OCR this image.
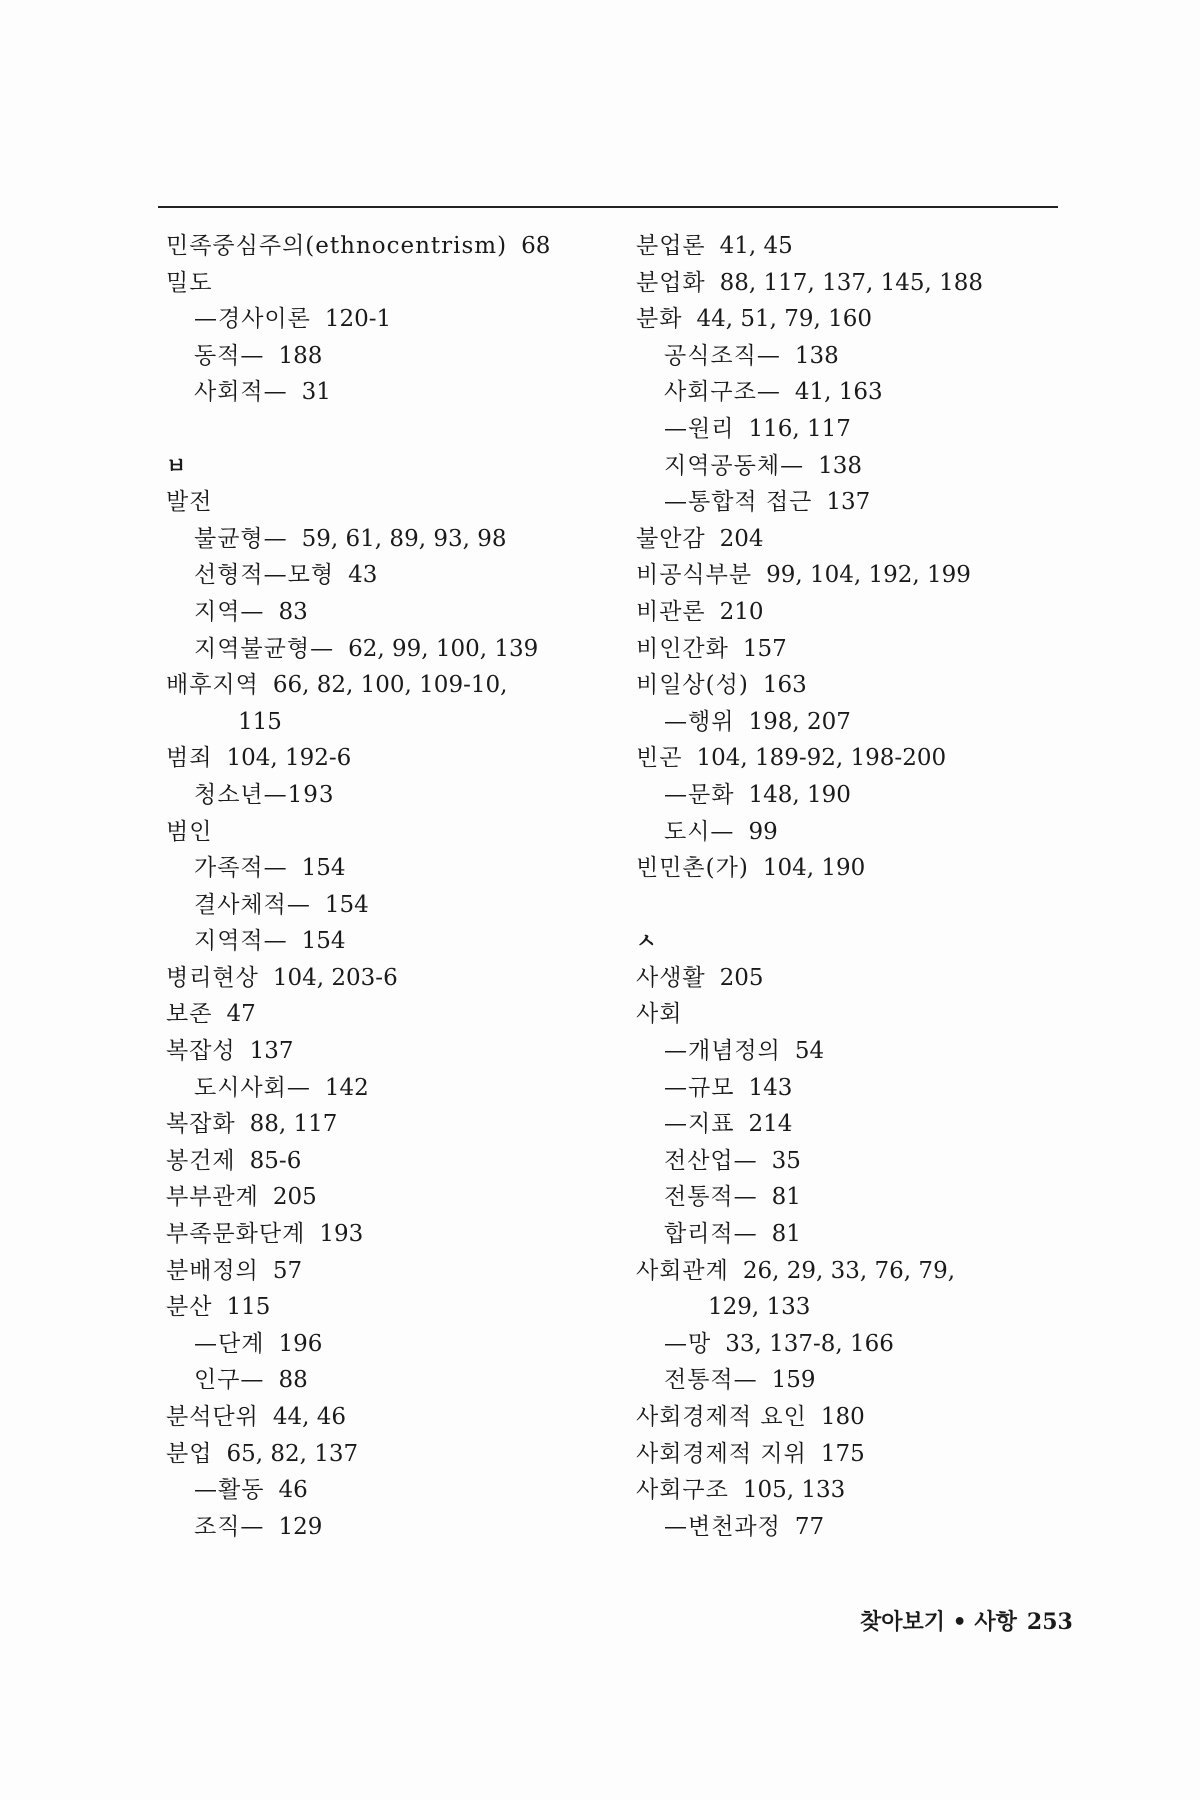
민족중심주의(ethnocentrism) 68
밀도
—경사이론 120-1
동적— 188
사회적— 31
ㅂ
발전
불균형— 59, 61, 89, 93, 98
선형적—모형 43
지역— 83
지역불균형— 62, 99, 100, 139
배후지역 66, 82, 100, 109-10,
115
범죄 104, 192-6
청소년—193
범인
가족적— 154
결사체적— 154
지역적— 154
병리현상 104, 203-6
보존 47
복잡성 137
도시사회— 142
복잡화 88, 117
봉건제 85-6
부부관계 205
부족문화단계 193
분배정의 57
분산 115
—단계 196
인구— 88
분석단위 44, 46
분업 65, 82, 137
—활동 46
조직— 129
분업론 41, 45
분업화 88, 117, 137, 145, 188
분화 44, 51, 79, 160
공식조직— 138
사회구조— 41, 163
—원리 116, 117
지역공동체— 138
—통합적 접근 137
불안감 204
비공식부분 99, 104, 192, 199
비관론 210
비인간화 157
비일상(성) 163
—행위 198, 207
빈곤 104, 189-92, 198-200
—문화 148, 190
도시— 99
빈민촌(가) 104, 190
ㅅ
사생활 205
사회
—개념정의 54
—규모 143
—지표 214
전산업— 35
전통적— 81
합리적— 81
사회관계 26, 29, 33, 76, 79,
129, 133
—망 33, 137-8, 166
전통적— 159
사회경제적 요인 180
사회경제적 지위 175
사회구조 105, 133
—변천과정 77
찾아보기 • 사항 253
